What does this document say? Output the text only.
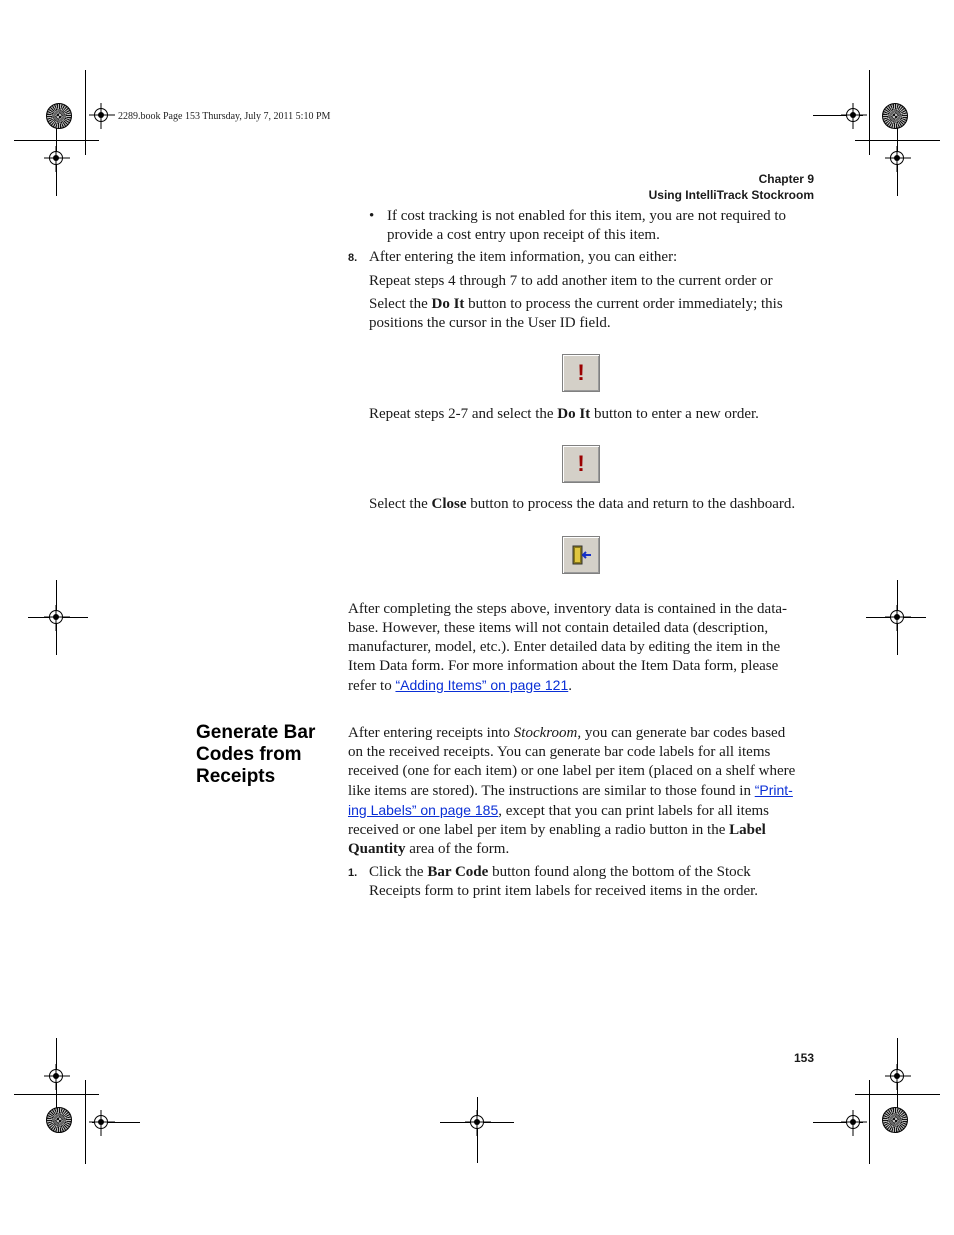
2289.book Page 153 Thursday, July 7, 2011 5:10 PM
Chapter 9
Using IntelliTrack Stockroom
• If cost tracking is not enabled for this item, you are not required to provide a cost entry upon receipt of this item.
8. After entering the item information, you can either:
Repeat steps 4 through 7 to add another item to the current order or
Select the Do It button to process the current order immediately; this positions the cursor in the User ID field.
!
Repeat steps 2-7 and select the Do It button to enter a new order.
!
Select the Close button to process the data and return to the dashboard.
After completing the steps above, inventory data is contained in the data-
base. However, these items will not contain detailed data (description,
manufacturer, model, etc.). Enter detailed data by editing the item in the
Item Data form. For more information about the Item Data form, please
refer to “Adding Items” on page 121.
Generate Bar
Codes from
Receipts
After entering receipts into Stockroom, you can generate bar codes based
on the received receipts. You can generate bar code labels for all items
received (one for each item) or one label per item (placed on a shelf where
like items are stored). The instructions are similar to those found in “Print-
ing Labels” on page 185, except that you can print labels for all items
received or one label per item by enabling a radio button in the Label
Quantity area of the form.
1. Click the Bar Code button found along the bottom of the Stock
Receipts form to print item labels for received items in the order.
153
